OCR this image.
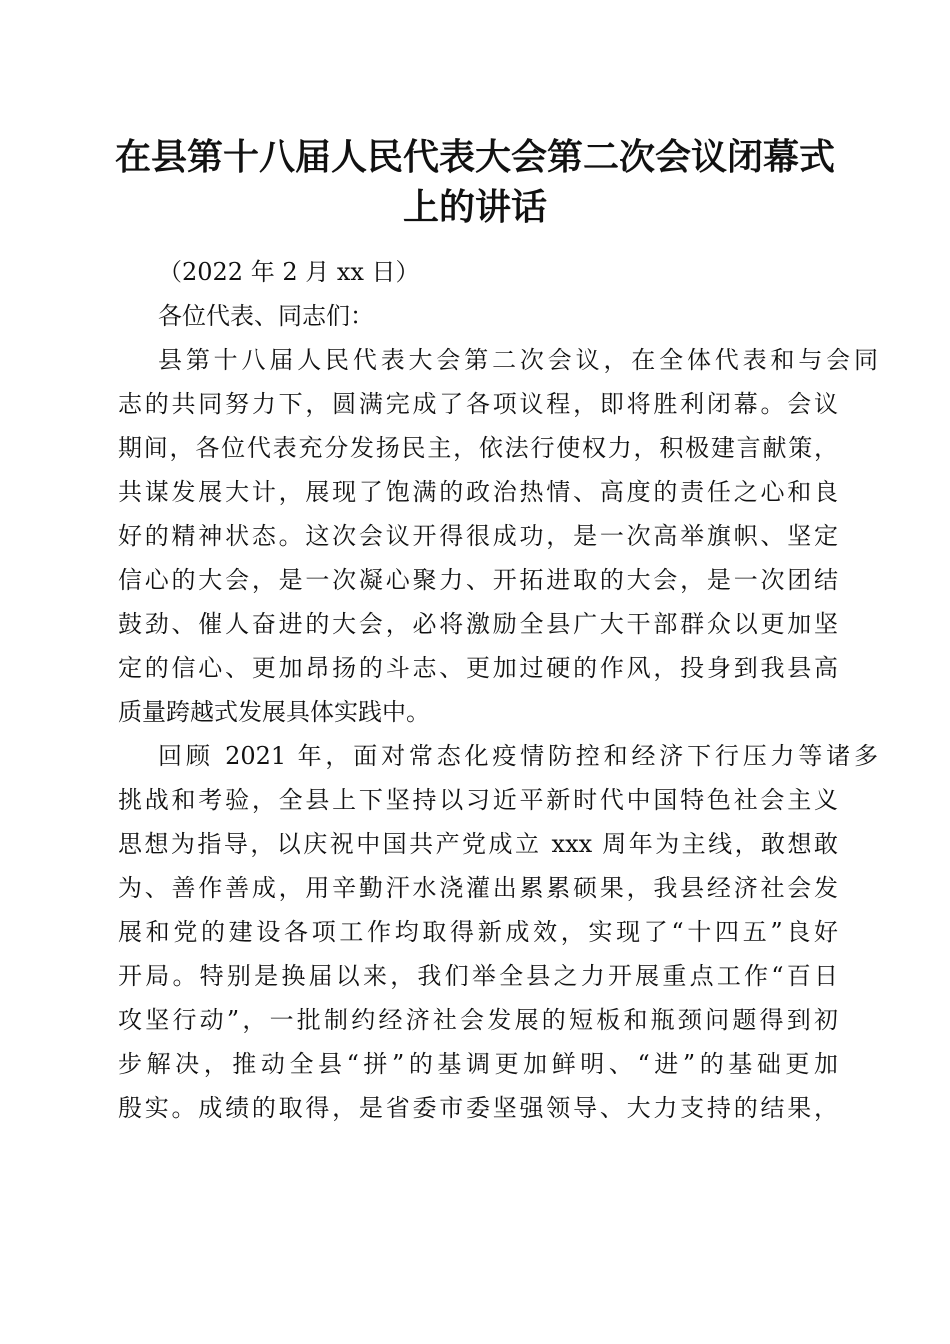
在县第十八届人民代表大会第二次会议闭幕式
上的讲话
（2022 年 2 月 xx 日）
各位代表、同志们：
县第十八届人民代表大会第二次会议，在全体代表和与会同
志的共同努力下，圆满完成了各项议程，即将胜利闭幕。会议
期间，各位代表充分发扬民主，依法行使权力，积极建言献策，
共谋发展大计，展现了饱满的政治热情、高度的责任之心和良
好的精神状态。这次会议开得很成功，是一次高举旗帜、坚定
信心的大会，是一次凝心聚力、开拓进取的大会，是一次团结
鼓劲、催人奋进的大会，必将激励全县广大干部群众以更加坚
定的信心、更加昂扬的斗志、更加过硬的作风，投身到我县高
质量跨越式发展具体实践中。
回顾 2021 年，面对常态化疫情防控和经济下行压力等诸多
挑战和考验，全县上下坚持以习近平新时代中国特色社会主义
思想为指导，以庆祝中国共产党成立 xxx 周年为主线，敢想敢
为、善作善成，用辛勤汗水浇灌出累累硕果，我县经济社会发
展和党的建设各项工作均取得新成效，实现了“十四五”良好
开局。特别是换届以来，我们举全县之力开展重点工作“百日
攻坚行动”，一批制约经济社会发展的短板和瓶颈问题得到初
步解决，推动全县“拼”的基调更加鲜明、“进”的基础更加
殷实。成绩的取得，是省委市委坚强领导、大力支持的结果，
